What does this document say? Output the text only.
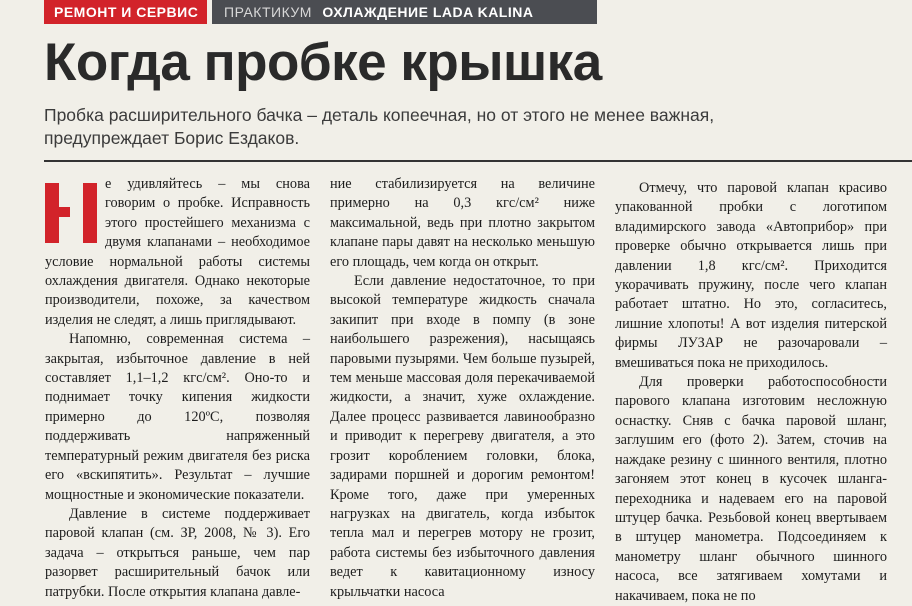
РЕМОНТ И СЕРВИС	ПРАКТИКУМ ОХЛАЖДЕНИЕ LADA KALINA
Когда пробке крышка

Пробка расширительного бачка – деталь копеечная, но от этого не менее важная, предупреждает Борис Ездаков.

е удивляйтесь – мы снова говорим о пробке. Исправность этого простейшего механизма с двумя клапанами – необходимое условие нормальной работы системы охлаждения двигателя. Однако некоторые производители, похоже, за качеством изделия не следят, а лишь приглядывают.

Напомню, современная система – закрытая, избыточное давление в ней составляет 1,1–1,2 кгс/см². Оно-то и поднимает точку кипения жидкости примерно до 120ºС, позволяя поддерживать напряженный температурный режим двигателя без риска его «вскипятить». Результат – лучшие мощностные и экономические показатели.

Давление в системе поддерживает паровой клапан (см. ЗР, 2008, № 3). Его задача – открыться раньше, чем пар разорвет расширительный бачок или патрубки. После открытия клапана давле-

ние стабилизируется на величине примерно на 0,3 кгс/см² ниже максимальной, ведь при плотно закрытом клапане пары давят на несколько меньшую его площадь, чем когда он открыт.

Если давление недостаточное, то при высокой температуре жидкость сначала закипит при входе в помпу (в зоне наибольшего разрежения), насыщаясь паровыми пузырями. Чем больше пузырей, тем меньше массовая доля перекачиваемой жидкости, а значит, хуже охлаждение. Далее процесс развивается лавинообразно и приводит к перегреву двигателя, а это грозит короблением головки, блока, задирами поршней и дорогим ремонтом! Кроме того, даже при умеренных нагрузках на двигатель, когда избыток тепла мал и перегрев мотору не грозит, работа системы без избыточного давления ведет к кавитационному износу крыльчатки насоса

Отмечу, что паровой клапан красиво упакованной пробки с логотипом владимирского завода «Автоприбор» при проверке обычно открывается лишь при давлении 1,8 кгс/см². Приходится укорачивать пружину, после чего клапан работает штатно. Но это, согласитесь, лишние хлопоты! А вот изделия питерской фирмы ЛУЗАР не разочаровали – вмешиваться пока не приходилось.

Для проверки работоспособности парового клапана изготовим несложную оснастку. Сняв с бачка паровой шланг, заглушим его (фото 2). Затем, сточив на наждаке резину с шинного вентиля, плотно загоняем этот конец в кусочек шланга-переходника и надеваем его на паровой штуцер бачка. Резьбовой конец ввертываем в штуцер манометра. Подсоединяем к манометру шланг обычного шинного насоса, все затягиваем хомутами и накачиваем, пока не по
